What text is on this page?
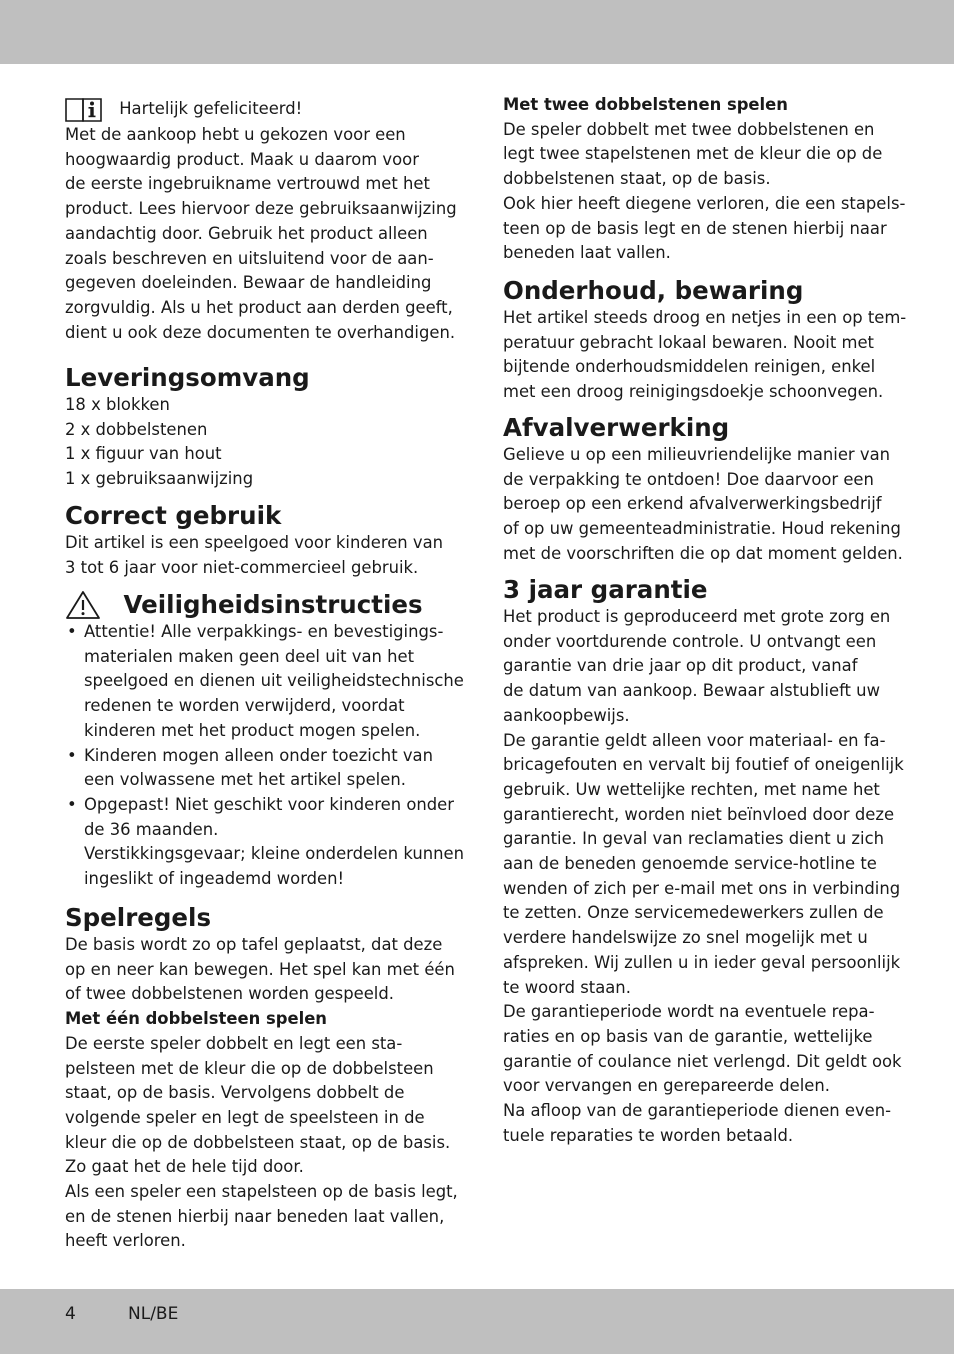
Hartelijk gefeliciteerd!

Met de aankoop hebt u gekozen voor een

hoogwaardig product. Maak u daarom voor

de eerste ingebruikname vertrouwd met het

product. Lees hiervoor deze gebruiksaanwijzing

aandachtig door. Gebruik het product alleen

zoals beschreven en uitsluitend voor de aan-

gegeven doeleinden. Bewaar de handleiding

zorgvuldig. Als u het product aan derden geeft,

dient u ook deze documenten te overhandigen.

Leveringsomvang

18 x blokken

2 x dobbelstenen

1 x figuur van hout

1 x gebruiksaanwijzing

Correct gebruik

Dit artikel is een speelgoed voor kinderen van

3 tot 6 jaar voor niet-commercieel gebruik.

Veiligheidsinstructies
• Attentie! Alle verpakkings- en bevestigings-

materialen maken geen deel uit van het

speelgoed en dienen uit veiligheidstechnische

redenen te worden verwijderd, voordat

kinderen met het product mogen spelen.

• Kinderen mogen alleen onder toezicht van

een volwassene met het artikel spelen.

• Opgepast! Niet geschikt voor kinderen onder

de 36 maanden.

Verstikkingsgevaar; kleine onderdelen kunnen

ingeslikt of ingeademd worden!

Spelregels

De basis wordt zo op tafel geplaatst, dat deze

op en neer kan bewegen. Het spel kan met één

of twee dobbelstenen worden gespeeld.

Met één dobbelsteen spelen

De eerste speler dobbelt en legt een sta-

pelsteen met de kleur die op de dobbelsteen

staat, op de basis. Vervolgens dobbelt de

volgende speler en legt de speelsteen in de

kleur die op de dobbelsteen staat, op de basis.

Zo gaat het de hele tijd door.

Als een speler een stapelsteen op de basis legt,

en de stenen hierbij naar beneden laat vallen,

heeft verloren.

Met twee dobbelstenen spelen

De speler dobbelt met twee dobbelstenen en

legt twee stapelstenen met de kleur die op de

dobbelstenen staat, op de basis.

Ook hier heeft diegene verloren, die een stapels-

teen op de basis legt en de stenen hierbij naar

beneden laat vallen.

Onderhoud, bewaring

Het artikel steeds droog en netjes in een op tem-

peratuur gebracht lokaal bewaren. Nooit met

bijtende onderhoudsmiddelen reinigen, enkel

met een droog reinigingsdoekje schoonvegen.

Afvalverwerking

Gelieve u op een milieuvriendelijke manier van

de verpakking te ontdoen! Doe daarvoor een

beroep op een erkend afvalverwerkingsbedrijf

of op uw gemeenteadministratie. Houd rekening

met de voorschriften die op dat moment gelden.

3 jaar garantie

Het product is geproduceerd met grote zorg en

onder voortdurende controle. U ontvangt een

garantie van drie jaar op dit product, vanaf

de datum van aankoop. Bewaar alstublieft uw

aankoopbewijs.

De garantie geldt alleen voor materiaal- en fa-

bricagefouten en vervalt bij foutief of oneigenlijk

gebruik. Uw wettelijke rechten, met name het

garantierecht, worden niet beïnvloed door deze

garantie. In geval van reclamaties dient u zich

aan de beneden genoemde service-hotline te

wenden of zich per e-mail met ons in verbinding

te zetten. Onze servicemedewerkers zullen de

verdere handelswijze zo snel mogelijk met u

afspreken. Wij zullen u in ieder geval persoonlijk

te woord staan.

De garantieperiode wordt na eventuele repa-

raties en op basis van de garantie, wettelijke

garantie of coulance niet verlengd. Dit geldt ook

voor vervangen en gerepareerde delen.

Na afloop van de garantieperiode dienen even-

tuele reparaties te worden betaald.

4	NL/BE
